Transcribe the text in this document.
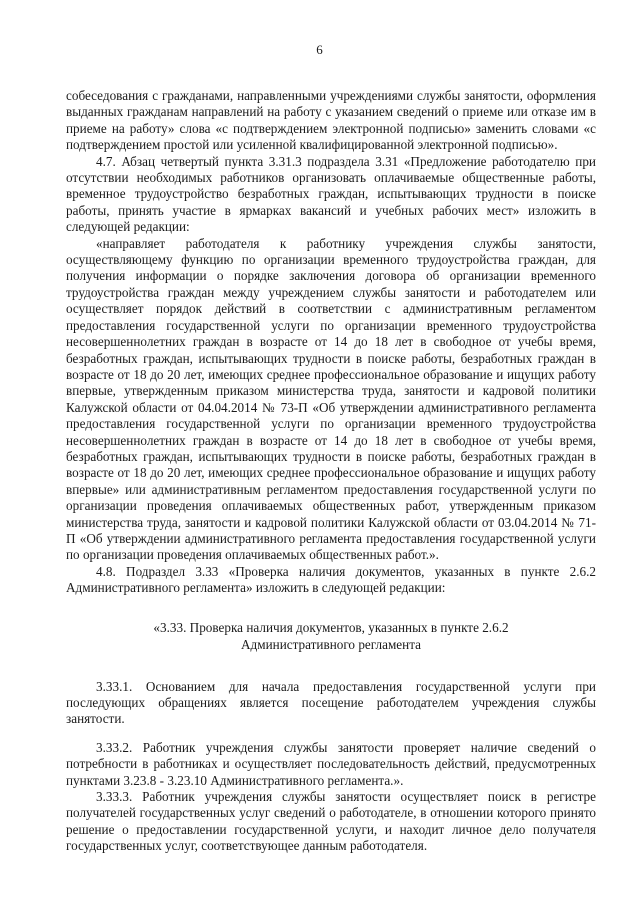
6

собеседования с гражданами, направленными учреждениями службы занятости, оформления выданных гражданам направлений на работу с указанием сведений о приеме или отказе им в приеме на работу» слова «с подтверждением электронной подписью» заменить словами «с подтверждением простой или усиленной квалифицированной электронной подписью».

4.7. Абзац четвертый пункта 3.31.3 подраздела 3.31 «Предложение работодателю при отсутствии необходимых работников организовать оплачиваемые общественные работы, временное трудоустройство безработных граждан, испытывающих трудности в поиске работы, принять участие в ярмарках вакансий и учебных рабочих мест» изложить в следующей редакции:

«направляет работодателя к работнику учреждения службы занятости, осуществляющему функцию по организации временного трудоустройства граждан, для получения информации о порядке заключения договора об организации временного трудоустройства граждан между учреждением службы занятости и работодателем или осуществляет порядок действий в соответствии с административным регламентом предоставления государственной услуги по организации временного трудоустройства несовершеннолетних граждан в возрасте от 14 до 18 лет в свободное от учебы время, безработных граждан, испытывающих трудности в поиске работы, безработных граждан в возрасте от 18 до 20 лет, имеющих среднее профессиональное образование и ищущих работу впервые, утвержденным приказом министерства труда, занятости и кадровой политики Калужской области от 04.04.2014 № 73-П «Об утверждении административного регламента предоставления государственной услуги по организации временного трудоустройства несовершеннолетних граждан в возрасте от 14 до 18 лет в свободное от учебы время, безработных граждан, испытывающих трудности в поиске работы, безработных граждан в возрасте от 18 до 20 лет, имеющих среднее профессиональное образование и ищущих работу впервые» или административным регламентом предоставления государственной услуги по организации проведения оплачиваемых общественных работ, утвержденным приказом министерства труда, занятости и кадровой политики Калужской области от 03.04.2014 № 71-П «Об утверждении административного регламента предоставления государственной услуги по организации проведения оплачиваемых общественных работ.».

4.8. Подраздел 3.33 «Проверка наличия документов, указанных в пункте 2.6.2 Административного регламента» изложить в следующей редакции:

«3.33. Проверка наличия документов, указанных в пункте 2.6.2
Административного регламента

3.33.1. Основанием для начала предоставления государственной услуги при последующих обращениях является посещение работодателем учреждения службы занятости.

3.33.2. Работник учреждения службы занятости проверяет наличие сведений о потребности в работниках и осуществляет последовательность действий, предусмотренных пунктами 3.23.8 - 3.23.10 Административного регламента.».

3.33.3. Работник учреждения службы занятости осуществляет поиск в регистре получателей государственных услуг сведений о работодателе, в отношении которого принято решение о предоставлении государственной услуги, и находит личное дело получателя государственных услуг, соответствующее данным работодателя.
